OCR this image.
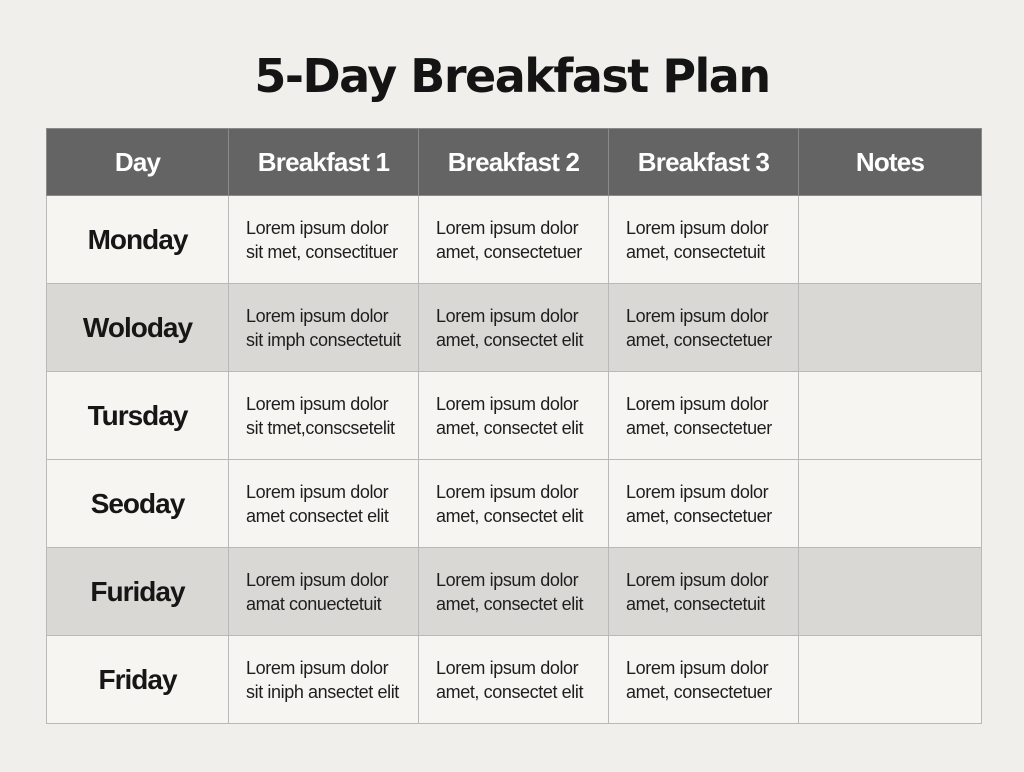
5-Day Breakfast Plan
Day	Breakfast 1	Breakfast 2	Breakfast 3	Notes
Monday	Lorem ipsum dolor
sit met, consectituer	Lorem ipsum dolor
amet, consectetuer	Lorem ipsum dolor
amet, consectetuit	

Woloday	Lorem ipsum dolor
sit imph consectetuit	Lorem ipsum dolor
amet, consectet elit	Lorem ipsum dolor
amet, consectetuer	

Tursday	Lorem ipsum dolor
sit tmet,conscsetelit	Lorem ipsum dolor
amet, consectet elit	Lorem ipsum dolor
amet, consectetuer	

Seoday	Lorem ipsum dolor
amet consectet elit	Lorem ipsum dolor
amet, consectet elit	Lorem ipsum dolor
amet, consectetuer	

Furiday	Lorem ipsum dolor
amat conuectetuit	Lorem ipsum dolor
amet, consectet elit	Lorem ipsum dolor
amet, consectetuit	

Friday	Lorem ipsum dolor
sit iniph ansectet elit	Lorem ipsum dolor
amet, consectet elit	Lorem ipsum dolor
amet, consectetuer	
